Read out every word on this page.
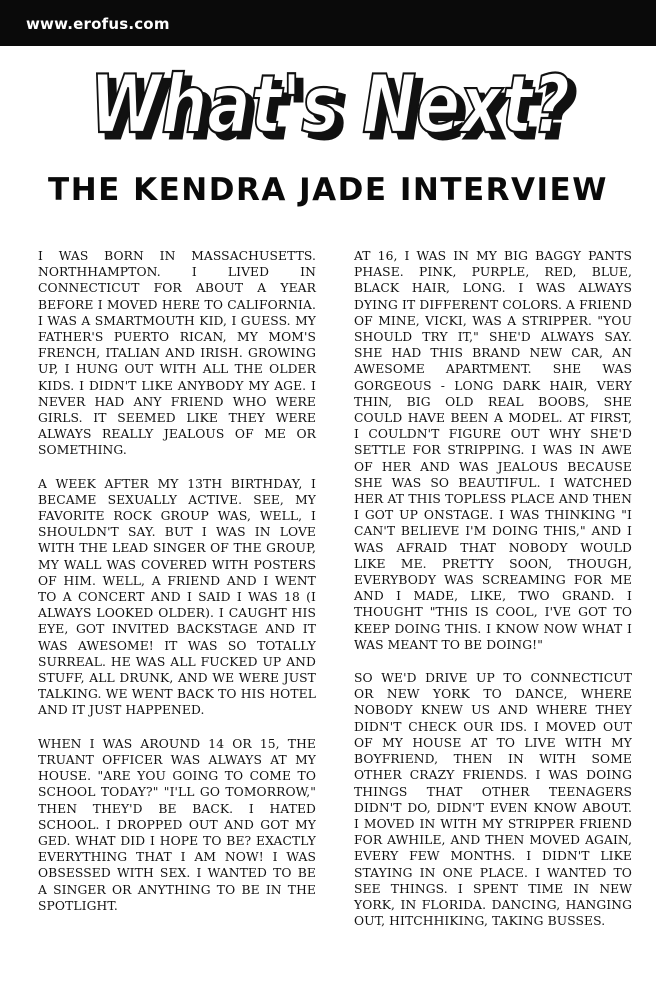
www.erofus.com
What's Next?
What's Next?
THE KENDRA JADE INTERVIEW

I WAS BORN IN MASSACHUSETTS. NORTHHAMPTON. I LIVED IN CONNECTICUT FOR ABOUT A YEAR BEFORE I MOVED HERE TO CALIFORNIA. I WAS A SMARTMOUTH KID, I GUESS. MY FATHER'S PUERTO RICAN, MY MOM'S FRENCH, ITALIAN AND IRISH. GROWING UP, I HUNG OUT WITH ALL THE OLDER KIDS. I DIDN'T LIKE ANYBODY MY AGE. I NEVER HAD ANY FRIEND WHO WERE GIRLS. IT SEEMED LIKE THEY WERE ALWAYS REALLY JEALOUS OF ME OR SOMETHING.

A WEEK AFTER MY 13TH BIRTHDAY, I BECAME SEXUALLY ACTIVE. SEE, MY FAVORITE ROCK GROUP WAS, WELL, I SHOULDN'T SAY. BUT I WAS IN LOVE WITH THE LEAD SINGER OF THE GROUP, MY WALL WAS COVERED WITH POSTERS OF HIM. WELL, A FRIEND AND I WENT TO A CONCERT AND I SAID I WAS 18 (I ALWAYS LOOKED OLDER). I CAUGHT HIS EYE, GOT INVITED BACKSTAGE AND IT WAS AWESOME! IT WAS SO TOTALLY SURREAL. HE WAS ALL FUCKED UP AND STUFF, ALL DRUNK, AND WE WERE JUST TALKING. WE WENT BACK TO HIS HOTEL AND IT JUST HAPPENED.

WHEN I WAS AROUND 14 OR 15, THE TRUANT OFFICER WAS ALWAYS AT MY HOUSE. "ARE YOU GOING TO COME TO SCHOOL TODAY?" "I'LL GO TOMORROW," THEN THEY'D BE BACK. I HATED SCHOOL. I DROPPED OUT AND GOT MY GED. WHAT DID I HOPE TO BE? EXACTLY EVERYTHING THAT I AM NOW! I WAS OBSESSED WITH SEX. I WANTED TO BE A SINGER OR ANYTHING TO BE IN THE SPOTLIGHT.

AT 16, I WAS IN MY BIG BAGGY PANTS PHASE. PINK, PURPLE, RED, BLUE, BLACK HAIR, LONG. I WAS ALWAYS DYING IT DIFFERENT COLORS. A FRIEND OF MINE, VICKI, WAS A STRIPPER. "YOU SHOULD TRY IT," SHE'D ALWAYS SAY. SHE HAD THIS BRAND NEW CAR, AN AWESOME APARTMENT. SHE WAS GORGEOUS - LONG DARK HAIR, VERY THIN, BIG OLD REAL BOOBS, SHE COULD HAVE BEEN A MODEL. AT FIRST, I COULDN'T FIGURE OUT WHY SHE'D SETTLE FOR STRIPPING. I WAS IN AWE OF HER AND WAS JEALOUS BECAUSE SHE WAS SO BEAUTIFUL. I WATCHED HER AT THIS TOPLESS PLACE AND THEN I GOT UP ONSTAGE. I WAS THINKING "I CAN'T BELIEVE I'M DOING THIS," AND I WAS AFRAID THAT NOBODY WOULD LIKE ME. PRETTY SOON, THOUGH, EVERYBODY WAS SCREAMING FOR ME AND I MADE, LIKE, TWO GRAND. I THOUGHT "THIS IS COOL, I'VE GOT TO KEEP DOING THIS. I KNOW NOW WHAT I WAS MEANT TO BE DOING!"

SO WE'D DRIVE UP TO CONNECTICUT OR NEW YORK TO DANCE, WHERE NOBODY KNEW US AND WHERE THEY DIDN'T CHECK OUR IDS. I MOVED OUT OF MY HOUSE AT TO LIVE WITH MY BOYFRIEND, THEN IN WITH SOME OTHER CRAZY FRIENDS. I WAS DOING THINGS THAT OTHER TEENAGERS DIDN'T DO, DIDN'T EVEN KNOW ABOUT. I MOVED IN WITH MY STRIPPER FRIEND FOR AWHILE, AND THEN MOVED AGAIN, EVERY FEW MONTHS. I DIDN'T LIKE STAYING IN ONE PLACE. I WANTED TO SEE THINGS. I SPENT TIME IN NEW YORK, IN FLORIDA. DANCING, HANGING OUT, HITCHHIKING, TAKING BUSSES.
